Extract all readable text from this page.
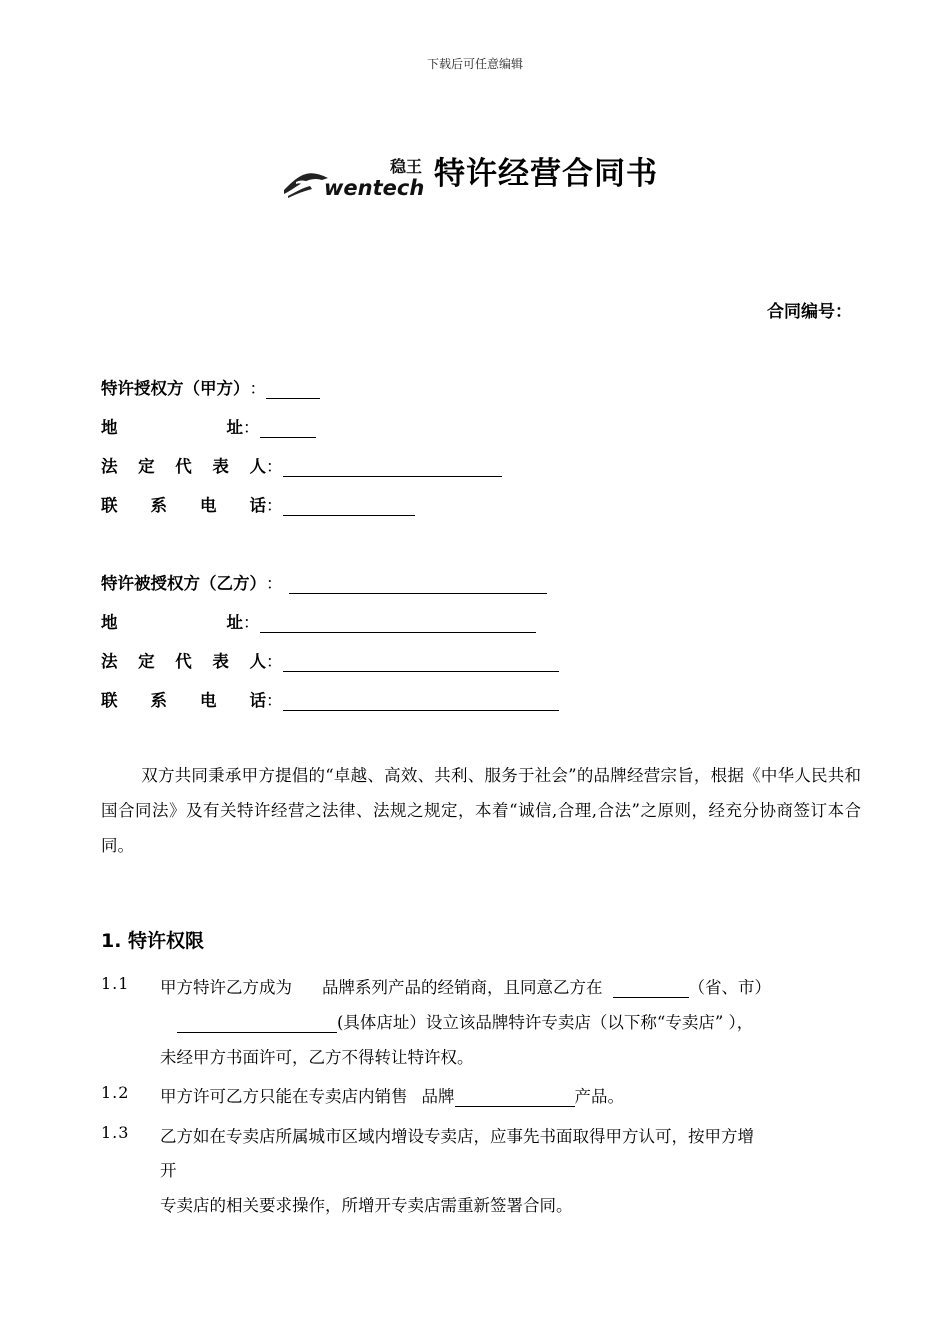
下载后可任意编辑
wentech
稳王 特许经营合同书
合同编号：
特许授权方（甲方）：
地址：
法定代表人：
联系电话：
特许被授权方（乙方）：
地址：
法定代表人：
联系电话：
双方共同秉承甲方提倡的“卓越、高效、共利、服务于社会”的品牌经营宗旨，根据《中华人民共和国合同法》及有关特许经营之法律、法规之规定，本着“诚信,合理,合法”之原则，经充分协商签订本合同。
1. 特许权限
1.1 甲方特许乙方成为 品牌系列产品的经销商，且同意乙方在	（省、市）
(具体店址）设立该品牌特许专卖店（以下称“专卖店” ），
未经甲方书面许可，乙方不得转让特许权。
1.2 甲方许可乙方只能在专卖店内销售 品牌	产品。
1.3 乙方如在专卖店所属城市区域内增设专卖店，应事先书面取得甲方认可，按甲方增
开
专卖店的相关要求操作，所增开专卖店需重新签署合同。
